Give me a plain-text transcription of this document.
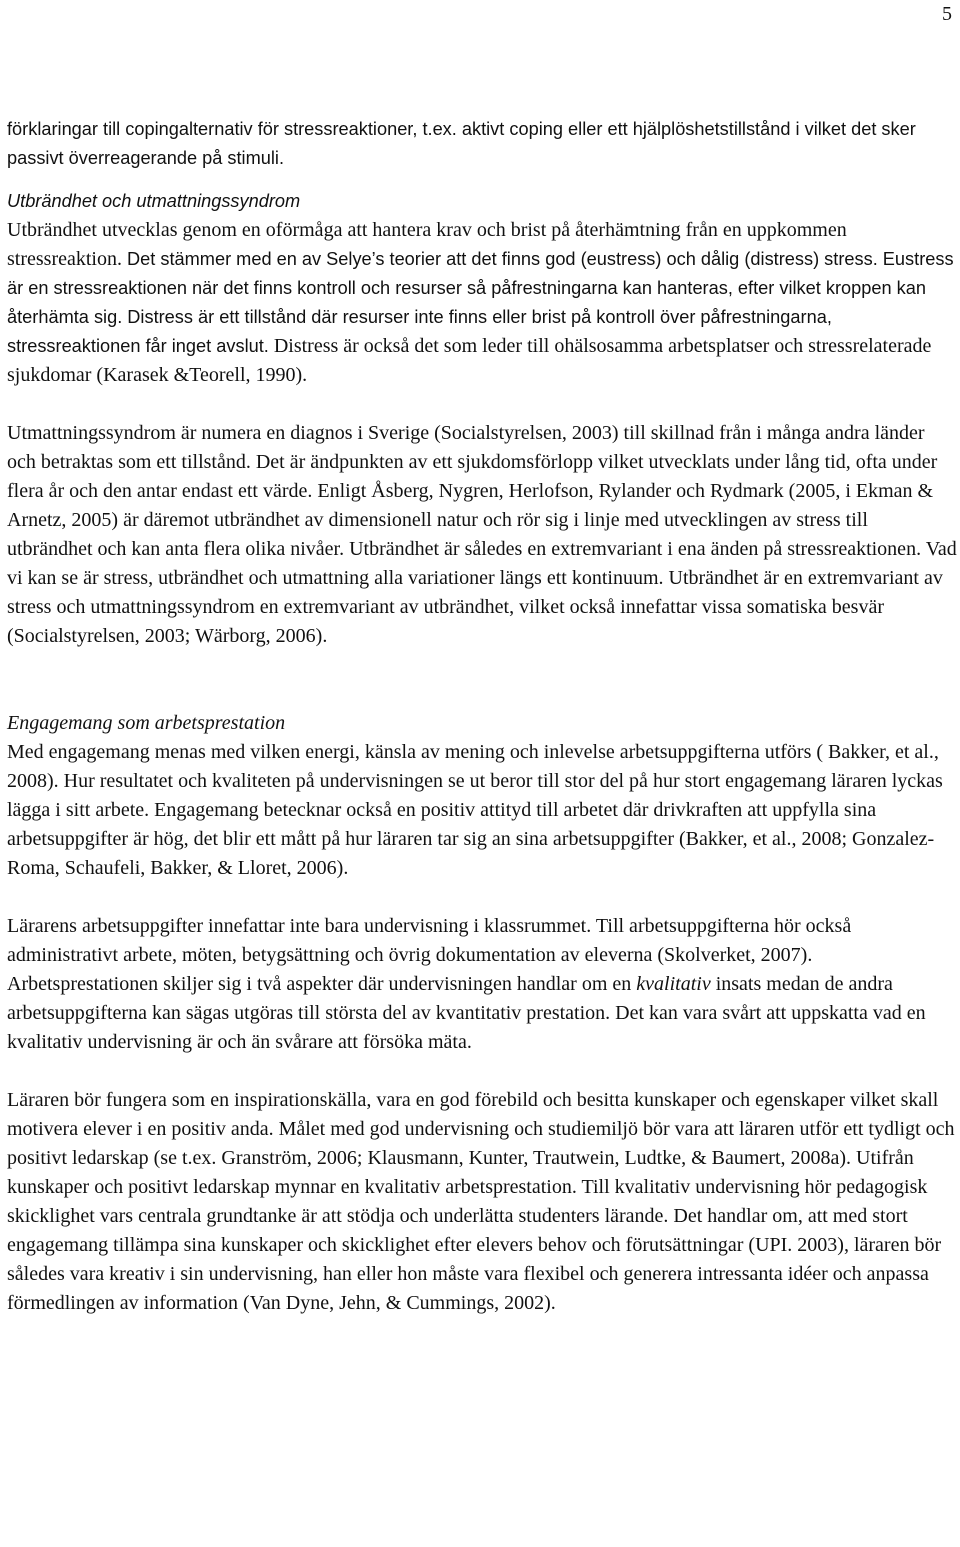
5

förklaringar till copingalternativ för stressreaktioner, t.ex. aktivt coping eller ett hjälplöshetstillstånd i vilket det sker passivt överreagerande på stimuli.

Utbrändhet och utmattningssyndrom

Utbrändhet utvecklas genom en oförmåga att hantera krav och brist på återhämtning från en uppkommen stressreaktion. Det stämmer med en av Selye’s teorier att det finns god (eustress) och dålig (distress) stress. Eustress är en stressreaktionen när det finns kontroll och resurser så påfrestningarna kan hanteras, efter vilket kroppen kan återhämta sig. Distress är ett tillstånd där resurser inte finns eller brist på kontroll över påfrestningarna, stressreaktionen får inget avslut. Distress är också det som leder till ohälsosamma arbetsplatser och stressrelaterade sjukdomar (Karasek &Teorell, 1990).

Utmattningssyndrom är numera en diagnos i Sverige (Socialstyrelsen, 2003) till skillnad från i många andra länder och betraktas som ett tillstånd. Det är ändpunkten av ett sjukdomsförlopp vilket utvecklats under lång tid, ofta under flera år och den antar endast ett värde. Enligt Åsberg, Nygren, Herlofson, Rylander och Rydmark (2005, i Ekman & Arnetz, 2005) är däremot utbrändhet av dimensionell natur och rör sig i linje med utvecklingen av stress till utbrändhet och kan anta flera olika nivåer. Utbrändhet är således en extremvariant i ena änden på stressreaktionen. Vad vi kan se är stress, utbrändhet och utmattning alla variationer längs ett kontinuum. Utbrändhet är en extremvariant av stress och utmattningssyndrom en extremvariant av utbrändhet, vilket också innefattar vissa somatiska besvär (Socialstyrelsen, 2003; Wärborg, 2006).

Engagemang som arbetsprestation

Med engagemang menas med vilken energi, känsla av mening och inlevelse arbetsuppgifterna utförs ( Bakker, et al., 2008). Hur resultatet och kvaliteten på undervisningen se ut beror till stor del på hur stort engagemang läraren lyckas lägga i sitt arbete. Engagemang betecknar också en positiv attityd till arbetet där drivkraften att uppfylla sina arbetsuppgifter är hög, det blir ett mått på hur läraren tar sig an sina arbetsuppgifter (Bakker, et al., 2008; Gonzalez-Roma, Schaufeli, Bakker, & Lloret, 2006).

Lärarens arbetsuppgifter innefattar inte bara undervisning i klassrummet. Till arbetsuppgifterna hör också administrativt arbete, möten, betygsättning och övrig dokumentation av eleverna (Skolverket, 2007). Arbetsprestationen skiljer sig i två aspekter där undervisningen handlar om en kvalitativ insats medan de andra arbetsuppgifterna kan sägas utgöras till största del av kvantitativ prestation. Det kan vara svårt att uppskatta vad en kvalitativ undervisning är och än svårare att försöka mäta.

Läraren bör fungera som en inspirationskälla, vara en god förebild och besitta kunskaper och egenskaper vilket skall motivera elever i en positiv anda. Målet med god undervisning och studiemiljö bör vara att läraren utför ett tydligt och positivt ledarskap (se t.ex. Granström, 2006; Klausmann, Kunter, Trautwein, Ludtke, & Baumert, 2008a). Utifrån kunskaper och positivt ledarskap mynnar en kvalitativ arbetsprestation. Till kvalitativ undervisning hör pedagogisk skicklighet vars centrala grundtanke är att stödja och underlätta studenters lärande. Det handlar om, att med stort engagemang tillämpa sina kunskaper och skicklighet efter elevers behov och förutsättningar (UPI. 2003), läraren bör således vara kreativ i sin undervisning, han eller hon måste vara flexibel och generera intressanta idéer och anpassa förmedlingen av information (Van Dyne, Jehn, & Cummings, 2002).
